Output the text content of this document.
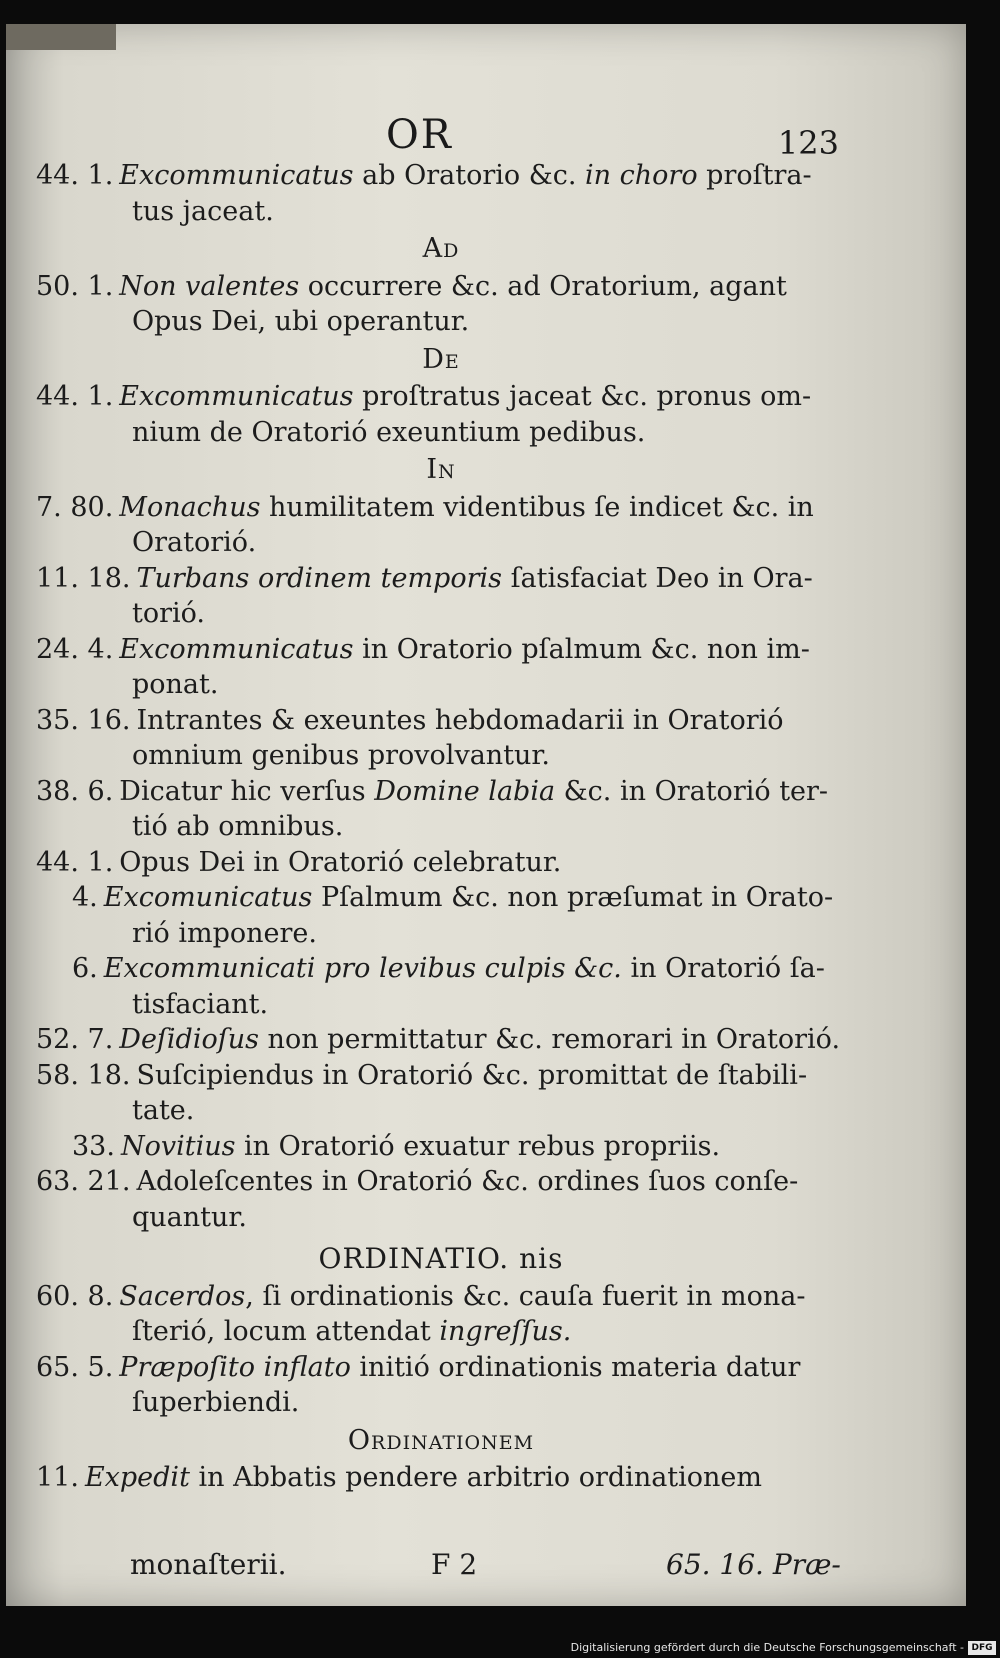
OR	123

44. 1. Excommunicatus ab Oratorio &c. in choro proſtra-
tus jaceat.

Ad

50. 1. Non valentes occurrere &c. ad Oratorium, agant
Opus Dei, ubi operantur.

De

44. 1. Excommunicatus proſtratus jaceat &c. pronus om-
nium de Oratorió exeuntium pedibus.

In

7. 80. Monachus humilitatem videntibus ſe indicet &c. in
Oratorió.

11. 18. Turbans ordinem temporis ſatisfaciat Deo in Ora-
torió.

24. 4. Excommunicatus in Oratorio pſalmum &c. non im-
ponat.

35. 16. Intrantes & exeuntes hebdomadarii in Oratorió
omnium genibus provolvantur.

38. 6. Dicatur hic verſus Domine labia &c. in Oratorió ter-
tió ab omnibus.

44. 1. Opus Dei in Oratorió celebratur.

4. Excomunicatus Pſalmum &c. non præſumat in Orato-
rió imponere.

6. Excommunicati pro levibus culpis &c. in Oratorió ſa-
tisfaciant.

52. 7. Deſidioſus non permittatur &c. remorari in Oratorió.

58. 18. Suſcipiendus in Oratorió &c. promittat de ſtabili-
tate.

33. Novitius in Oratorió exuatur rebus propriis.

63. 21. Adoleſcentes in Oratorió &c. ordines ſuos conſe-
quantur.

ORDINATIO. nis

60. 8. Sacerdos, ſi ordinationis &c. cauſa fuerit in mona-
ſterió, locum attendat ingreſſus.

65. 5. Præpoſito inflato initió ordinationis materia datur
ſuperbiendi.

Ordinationem

11. Expedit in Abbatis pendere arbitrio ordinationem

monaſterii.	F 2	65. 16. Præ-
Digitalisierung gefördert durch die Deutsche Forschungsgemeinschaft - DFG
